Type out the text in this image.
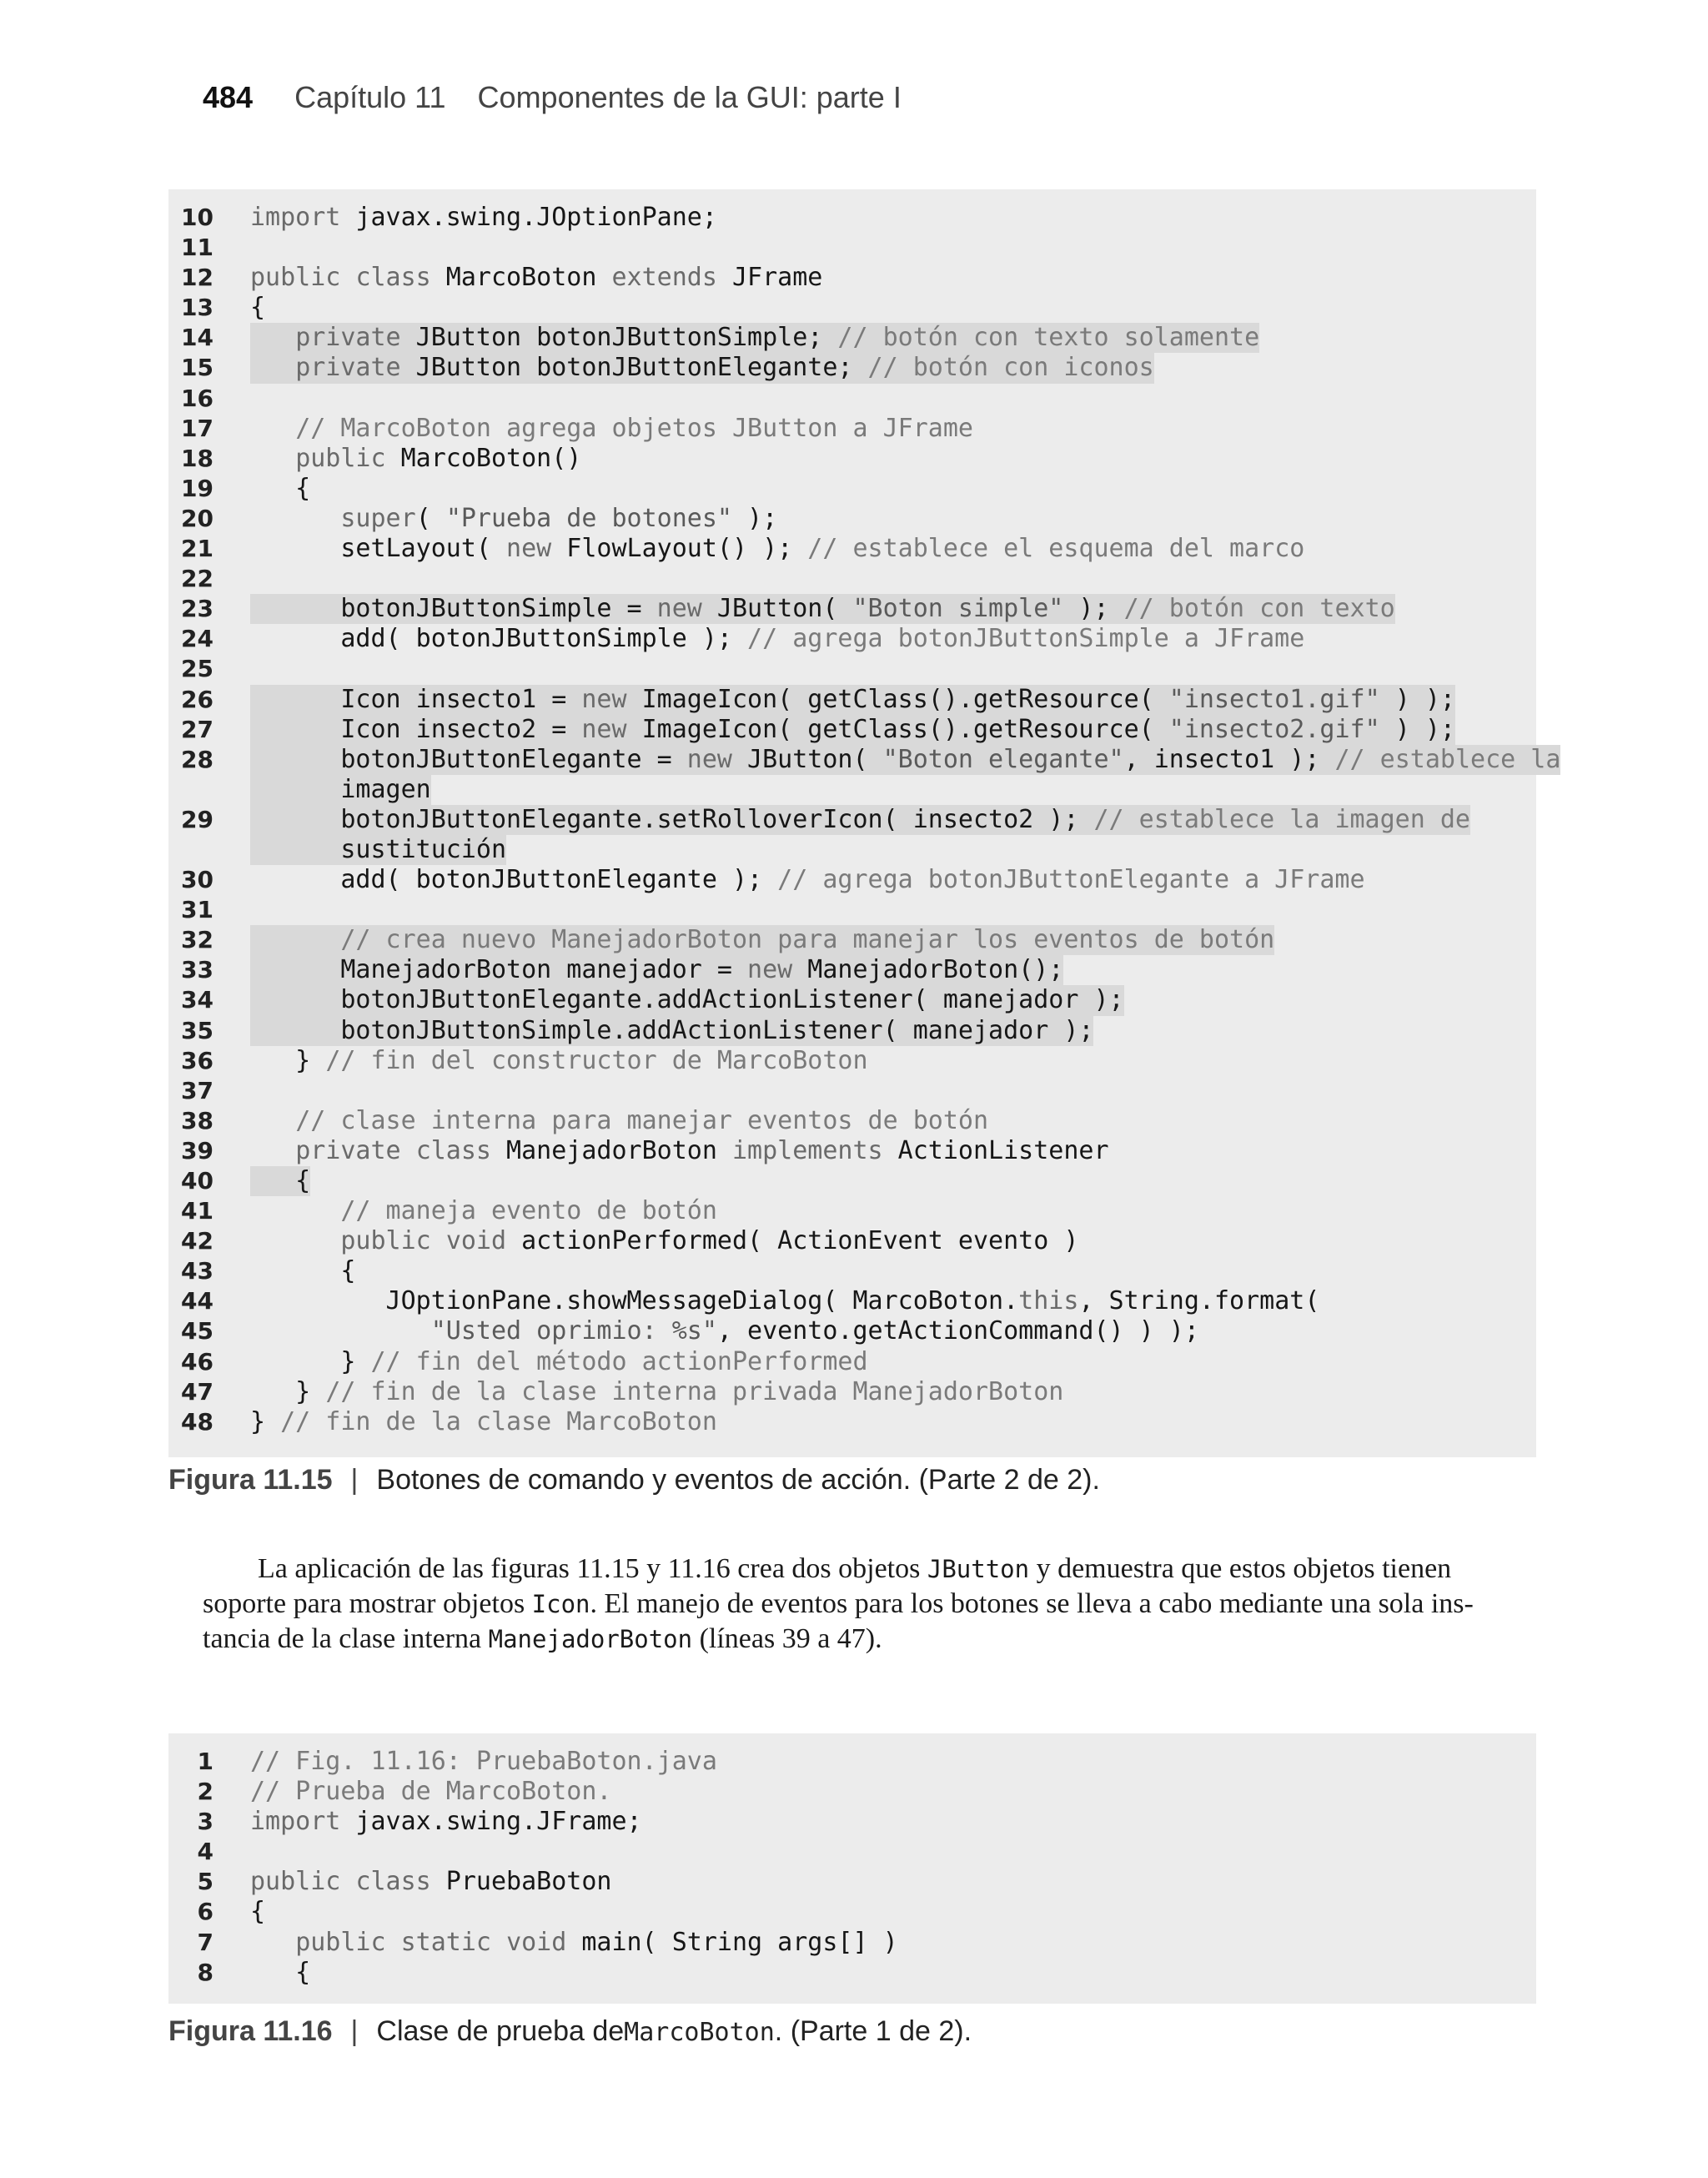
484 Capítulo 11 Componentes de la GUI: parte I
10 import javax.swing.JOptionPane;
11
12 public class MarcoBoton extends JFrame
13 {
14	private JButton botonJButtonSimple; // botón con texto solamente
15	private JButton botonJButtonElegante; // botón con iconos
16
17	// MarcoBoton agrega objetos JButton a JFrame
18	public MarcoBoton()
19 {
20	super( "Prueba de botones" );
21 setLayout( new FlowLayout() ); // establece el esquema del marco
22
23 botonJButtonSimple = new JButton( "Boton simple" ); // botón con texto
24 add( botonJButtonSimple ); // agrega botonJButtonSimple a JFrame
25
26 Icon insecto1 = new ImageIcon( getClass().getResource( "insecto1.gif" ) );
27 Icon insecto2 = new ImageIcon( getClass().getResource( "insecto2.gif" ) );
28 botonJButtonElegante = new JButton( "Boton elegante", insecto1 ); // establece la
imagen
29 botonJButtonElegante.setRolloverIcon( insecto2 ); // establece la imagen de
sustitución
30 add( botonJButtonElegante ); // agrega botonJButtonElegante a JFrame
31
32	// crea nuevo ManejadorBoton para manejar los eventos de botón
33 ManejadorBoton manejador = new ManejadorBoton();
34 botonJButtonElegante.addActionListener( manejador );
35 botonJButtonSimple.addActionListener( manejador );
36 } // fin del constructor de MarcoBoton
37
38	// clase interna para manejar eventos de botón
39	private class ManejadorBoton implements ActionListener
40 {
41	// maneja evento de botón
42	public void actionPerformed( ActionEvent evento )
43 {
44 JOptionPane.showMessageDialog( MarcoBoton.this, String.format(
45	"Usted oprimio: %s", evento.getActionCommand() ) );
46 } // fin del método actionPerformed
47 } // fin de la clase interna privada ManejadorBoton
48 } // fin de la clase MarcoBoton
Figura 11.15 | Botones de comando y eventos de acción. (Parte 2 de 2).
La aplicación de las figuras 11.15 y 11.16 crea dos objetos JButton y demuestra que estos objetos tienen
soporte para mostrar objetos Icon. El manejo de eventos para los botones se lleva a cabo mediante una sola ins-
tancia de la clase interna ManejadorBoton (líneas 39 a 47).
1 // Fig. 11.16: PruebaBoton.java
2 // Prueba de MarcoBoton.
3 import javax.swing.JFrame;
4
5 public class PruebaBoton
6 {
7	public static void main( String args[] )
8 {
Figura 11.16 | Clase de prueba de MarcoBoton . (Parte 1 de 2).
